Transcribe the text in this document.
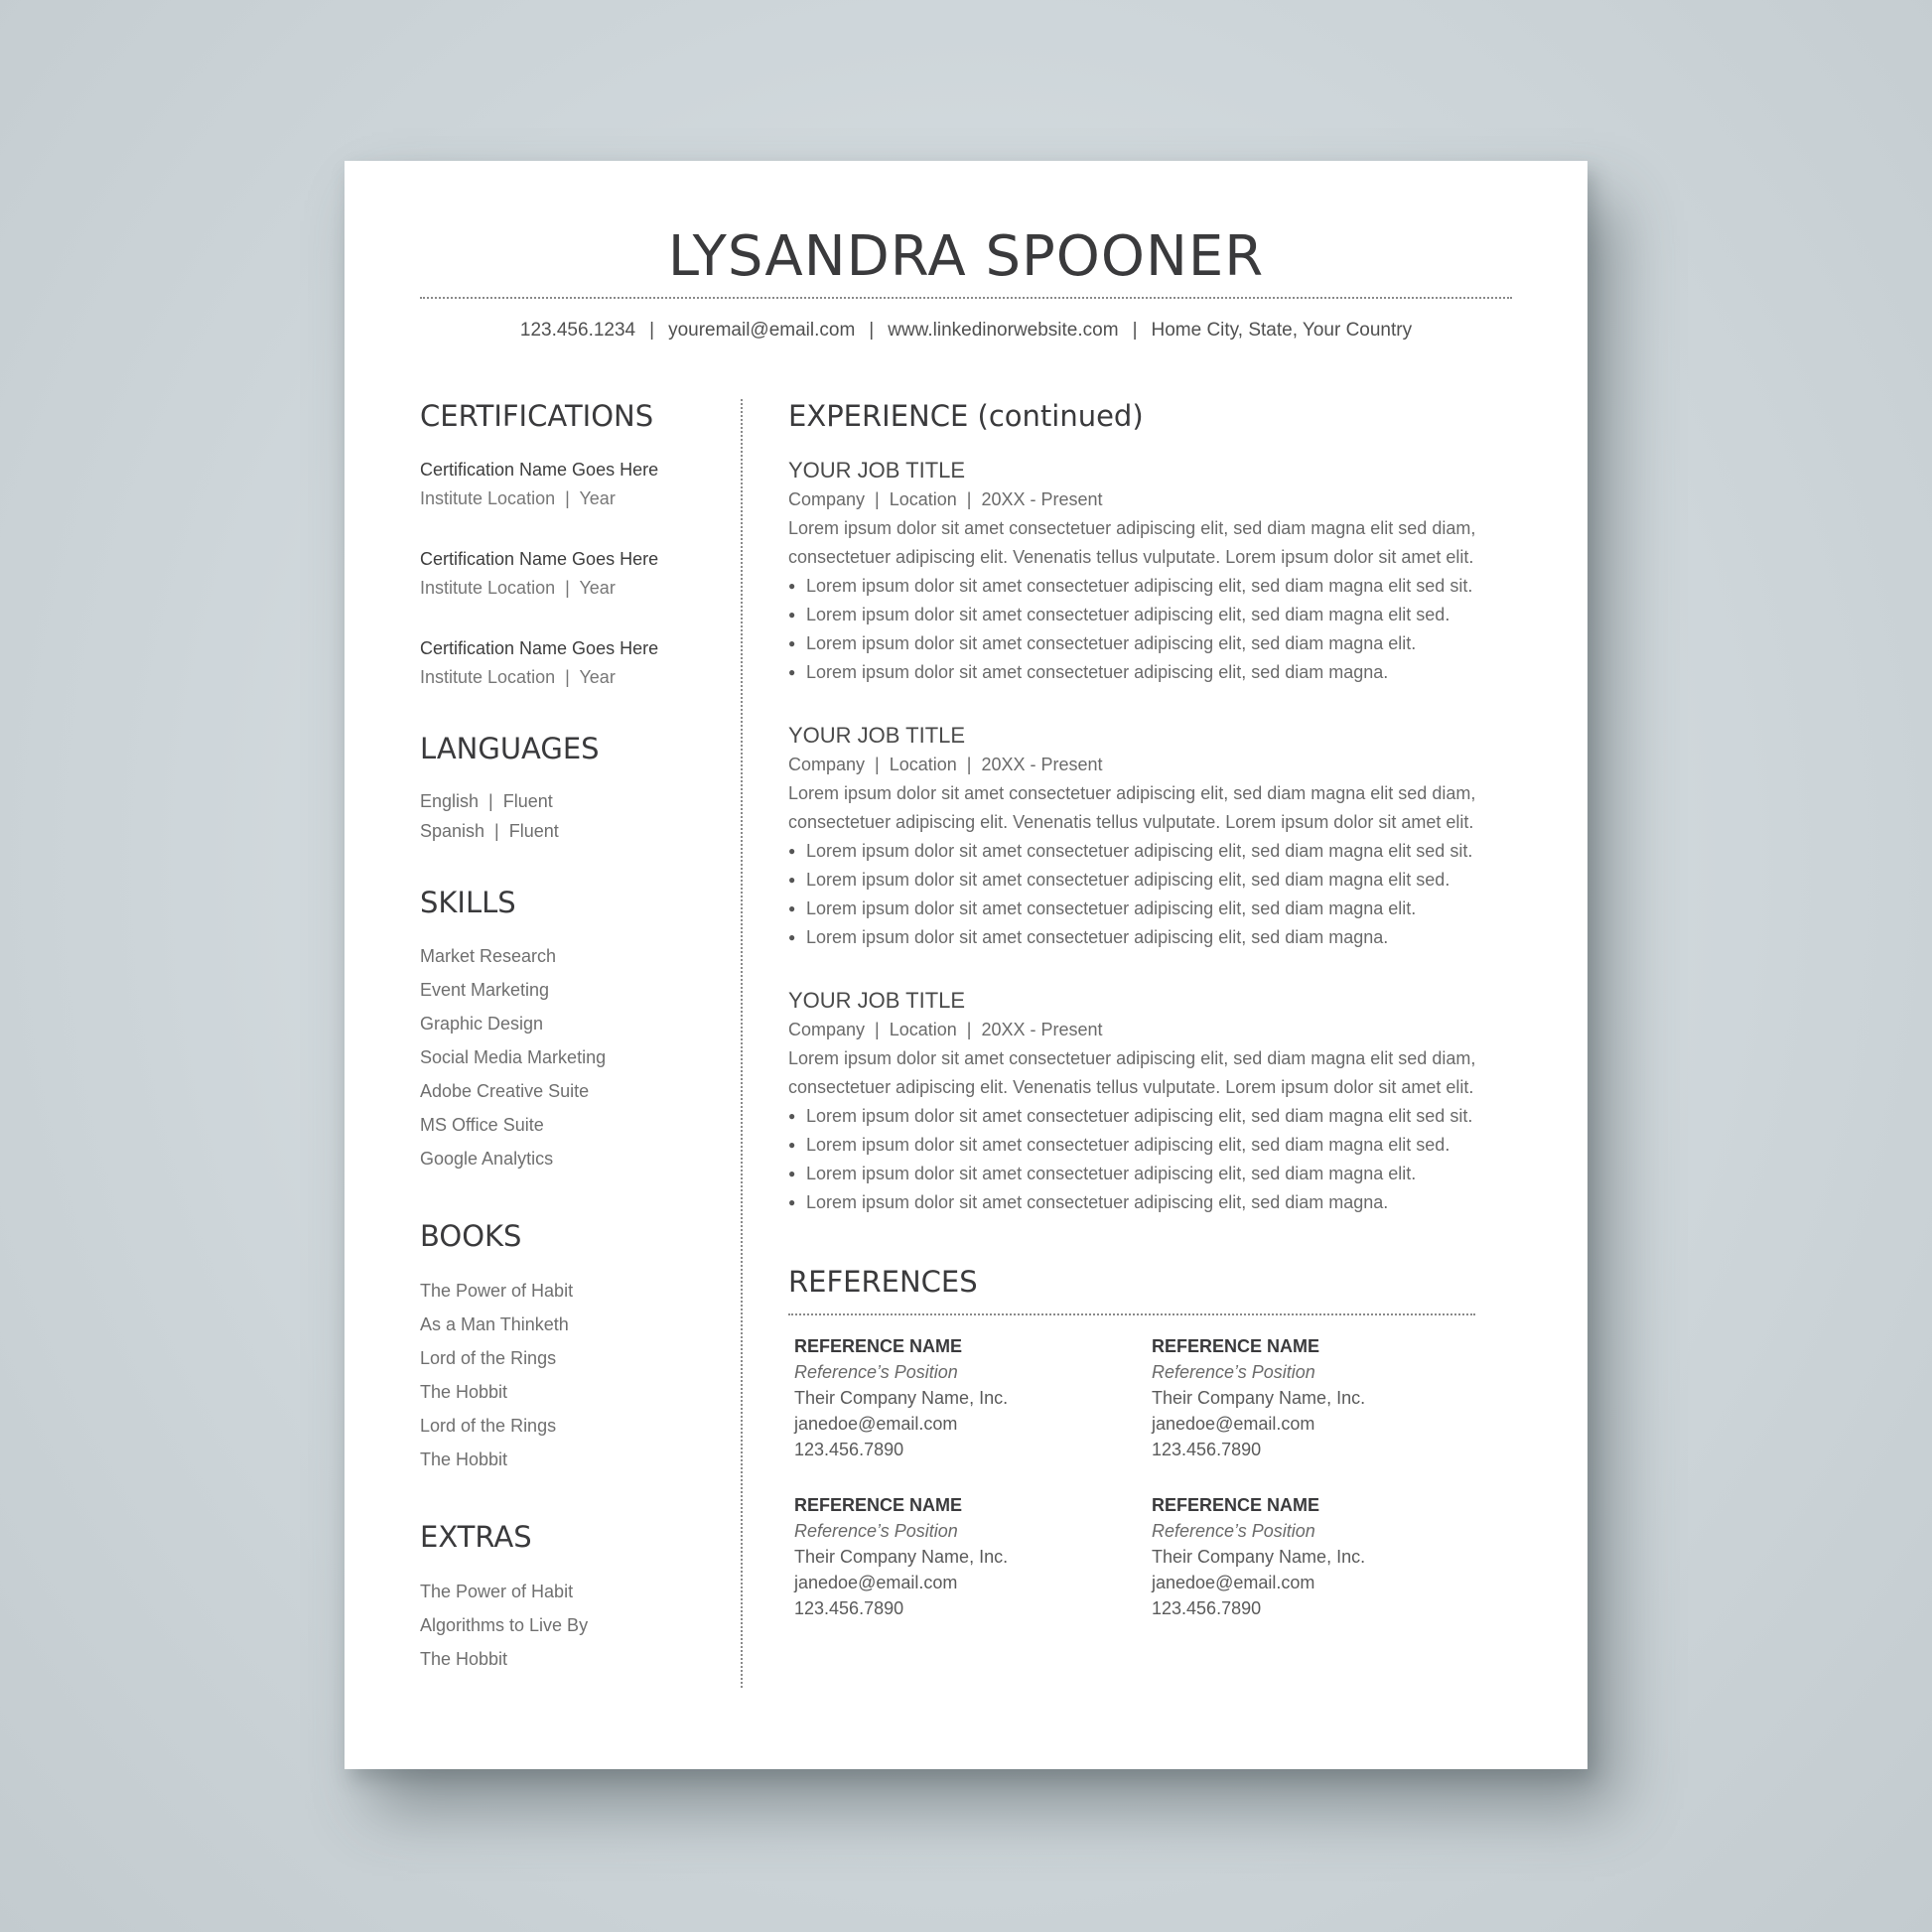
LYSANDRA SPOONER
123.456.1234 | youremail@email.com | www.linkedinorwebsite.com | Home City, State, Your Country
CERTIFICATIONS
Certification Name Goes Here
Institute Location  |  Year
Certification Name Goes Here
Institute Location  |  Year
Certification Name Goes Here
Institute Location  |  Year
LANGUAGES
English  |  Fluent
Spanish  |  Fluent
SKILLS
Market Research
Event Marketing
Graphic Design
Social Media Marketing
Adobe Creative Suite
MS Office Suite
Google Analytics
BOOKS
The Power of Habit
As a Man Thinketh
Lord of the Rings
The Hobbit
Lord of the Rings
The Hobbit
EXTRAS
The Power of Habit
Algorithms to Live By
The Hobbit
EXPERIENCE (continued)
YOUR JOB TITLE
Company  |  Location  |  20XX - Present
Lorem ipsum dolor sit amet consectetuer adipiscing elit, sed diam magna elit sed diam,
consectetuer adipiscing elit. Venenatis tellus vulputate. Lorem ipsum dolor sit amet elit.
● Lorem ipsum dolor sit amet consectetuer adipiscing elit, sed diam magna elit sed sit.
● Lorem ipsum dolor sit amet consectetuer adipiscing elit, sed diam magna elit sed.
● Lorem ipsum dolor sit amet consectetuer adipiscing elit, sed diam magna elit.
● Lorem ipsum dolor sit amet consectetuer adipiscing elit, sed diam magna.
YOUR JOB TITLE
Company  |  Location  |  20XX - Present
Lorem ipsum dolor sit amet consectetuer adipiscing elit, sed diam magna elit sed diam,
consectetuer adipiscing elit. Venenatis tellus vulputate. Lorem ipsum dolor sit amet elit.
● Lorem ipsum dolor sit amet consectetuer adipiscing elit, sed diam magna elit sed sit.
● Lorem ipsum dolor sit amet consectetuer adipiscing elit, sed diam magna elit sed.
● Lorem ipsum dolor sit amet consectetuer adipiscing elit, sed diam magna elit.
● Lorem ipsum dolor sit amet consectetuer adipiscing elit, sed diam magna.
YOUR JOB TITLE
Company  |  Location  |  20XX - Present
Lorem ipsum dolor sit amet consectetuer adipiscing elit, sed diam magna elit sed diam,
consectetuer adipiscing elit. Venenatis tellus vulputate. Lorem ipsum dolor sit amet elit.
● Lorem ipsum dolor sit amet consectetuer adipiscing elit, sed diam magna elit sed sit.
● Lorem ipsum dolor sit amet consectetuer adipiscing elit, sed diam magna elit sed.
● Lorem ipsum dolor sit amet consectetuer adipiscing elit, sed diam magna elit.
● Lorem ipsum dolor sit amet consectetuer adipiscing elit, sed diam magna.
REFERENCES
REFERENCE NAME
Reference’s Position
Their Company Name, Inc.
janedoe@email.com
123.456.7890
REFERENCE NAME
Reference’s Position
Their Company Name, Inc.
janedoe@email.com
123.456.7890
REFERENCE NAME
Reference’s Position
Their Company Name, Inc.
janedoe@email.com
123.456.7890
REFERENCE NAME
Reference’s Position
Their Company Name, Inc.
janedoe@email.com
123.456.7890
